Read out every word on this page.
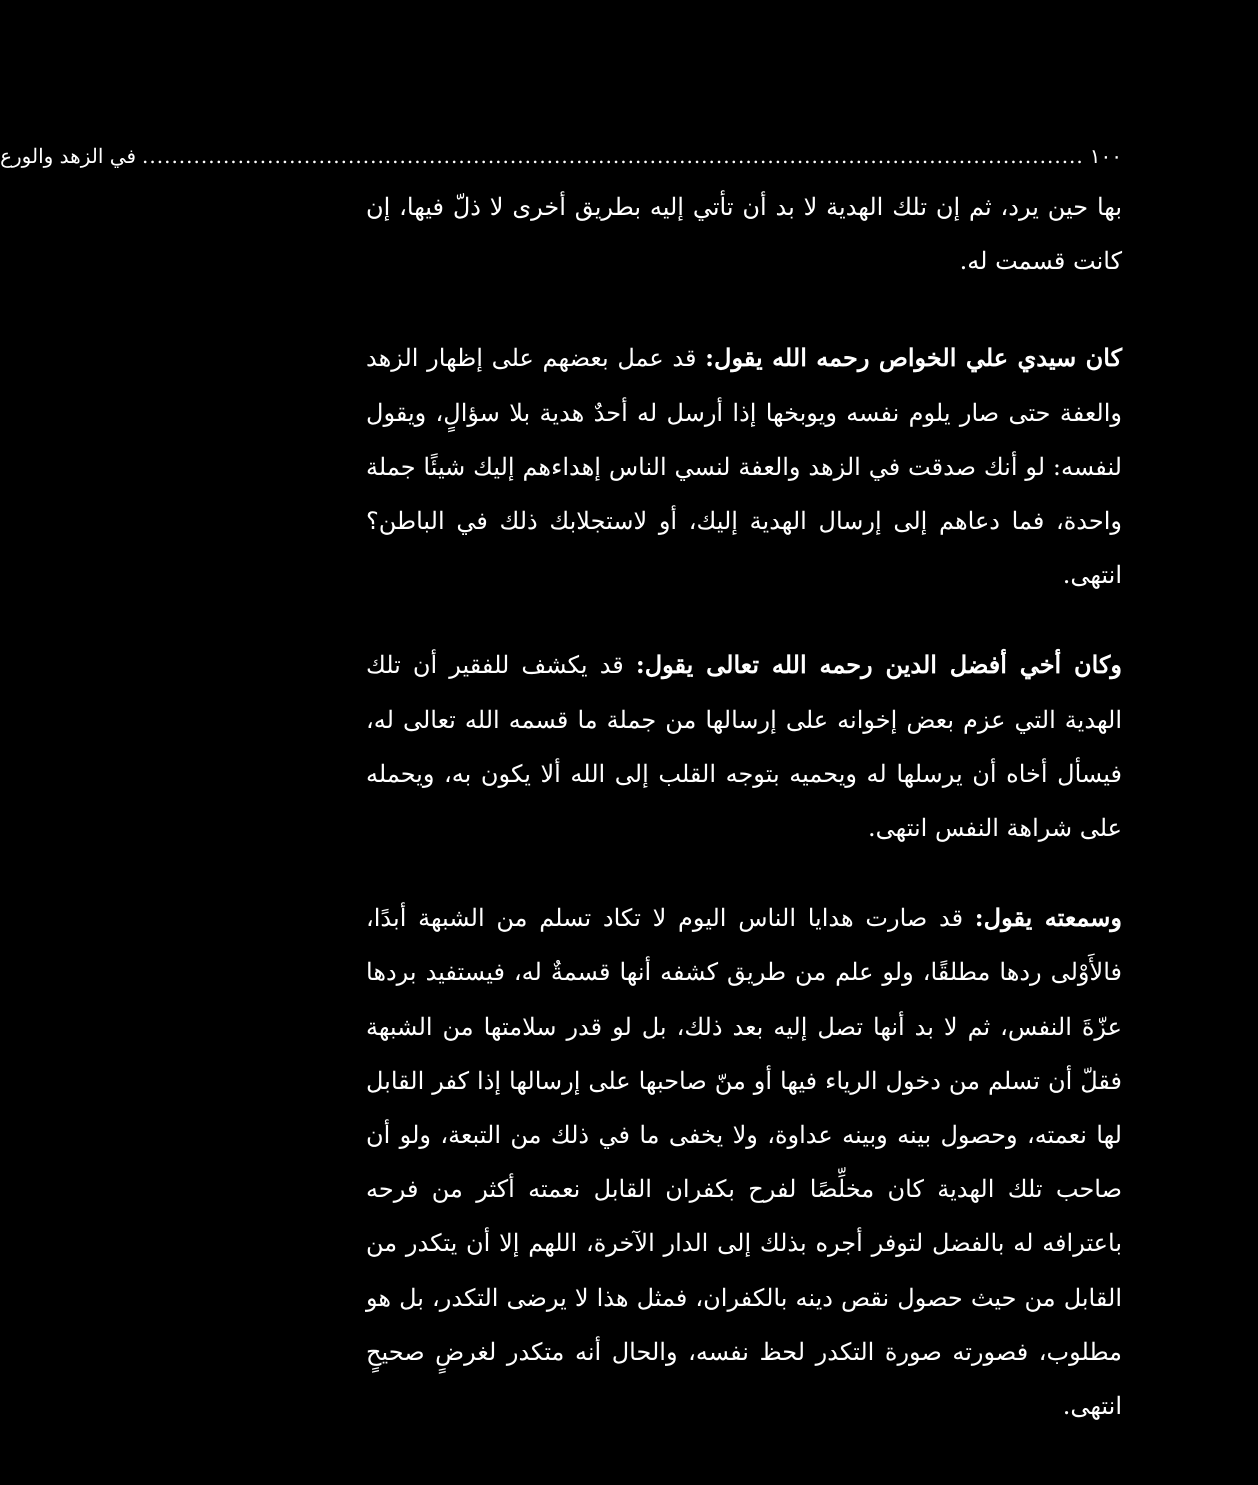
١٠٠
................................................................................................................................
في الزهد والورع

بها حين يرد، ثم إن تلك الهدية لا بد أن تأتي إليه بطريق أخرى لا ذلّ فيها، إن كانت قسمت له.

كان سيدي علي الخواص رحمه الله يقول: قد عمل بعضهم على إظهار الزهد والعفة حتى صار يلوم نفسه ويوبخها إذا أرسل له أحدٌ هدية بلا سؤالٍ، ويقول لنفسه: لو أنك صدقت في الزهد والعفة لنسي الناس إهداءهم إليك شيئًا جملة واحدة، فما دعاهم إلى إرسال الهدية إليك، أو لاستجلابك ذلك في الباطن؟ انتهى.

وكان أخي أفضل الدين رحمه الله تعالى يقول: قد يكشف للفقير أن تلك الهدية التي عزم بعض إخوانه على إرسالها من جملة ما قسمه الله تعالى له، فيسأل أخاه أن يرسلها له ويحميه بتوجه القلب إلى الله ألا يكون به، ويحمله على شراهة النفس انتهى.

وسمعته يقول: قد صارت هدايا الناس اليوم لا تكاد تسلم من الشبهة أبدًا، فالأَوْلى ردها مطلقًا، ولو علم من طريق كشفه أنها قسمةٌ له، فيستفيد بردها عزّةَ النفس، ثم لا بد أنها تصل إليه بعد ذلك، بل لو قدر سلامتها من الشبهة فقلّ أن تسلم من دخول الرياء فيها أو منّ صاحبها على إرسالها إذا كفر القابل لها نعمته، وحصول بينه وبينه عداوة، ولا يخفى ما في ذلك من التبعة، ولو أن صاحب تلك الهدية كان مخلِّصًا لفرح بكفران القابل نعمته أكثر من فرحه باعترافه له بالفضل لتوفر أجره بذلك إلى الدار الآخرة، اللهم إلا أن يتكدر من القابل من حيث حصول نقص دينه بالكفران، فمثل هذا لا يرضى التكدر، بل هو مطلوب، فصورته صورة التكدر لحظ نفسه، والحال أنه متكدر لغرضٍ صحيحٍ انتهى.
